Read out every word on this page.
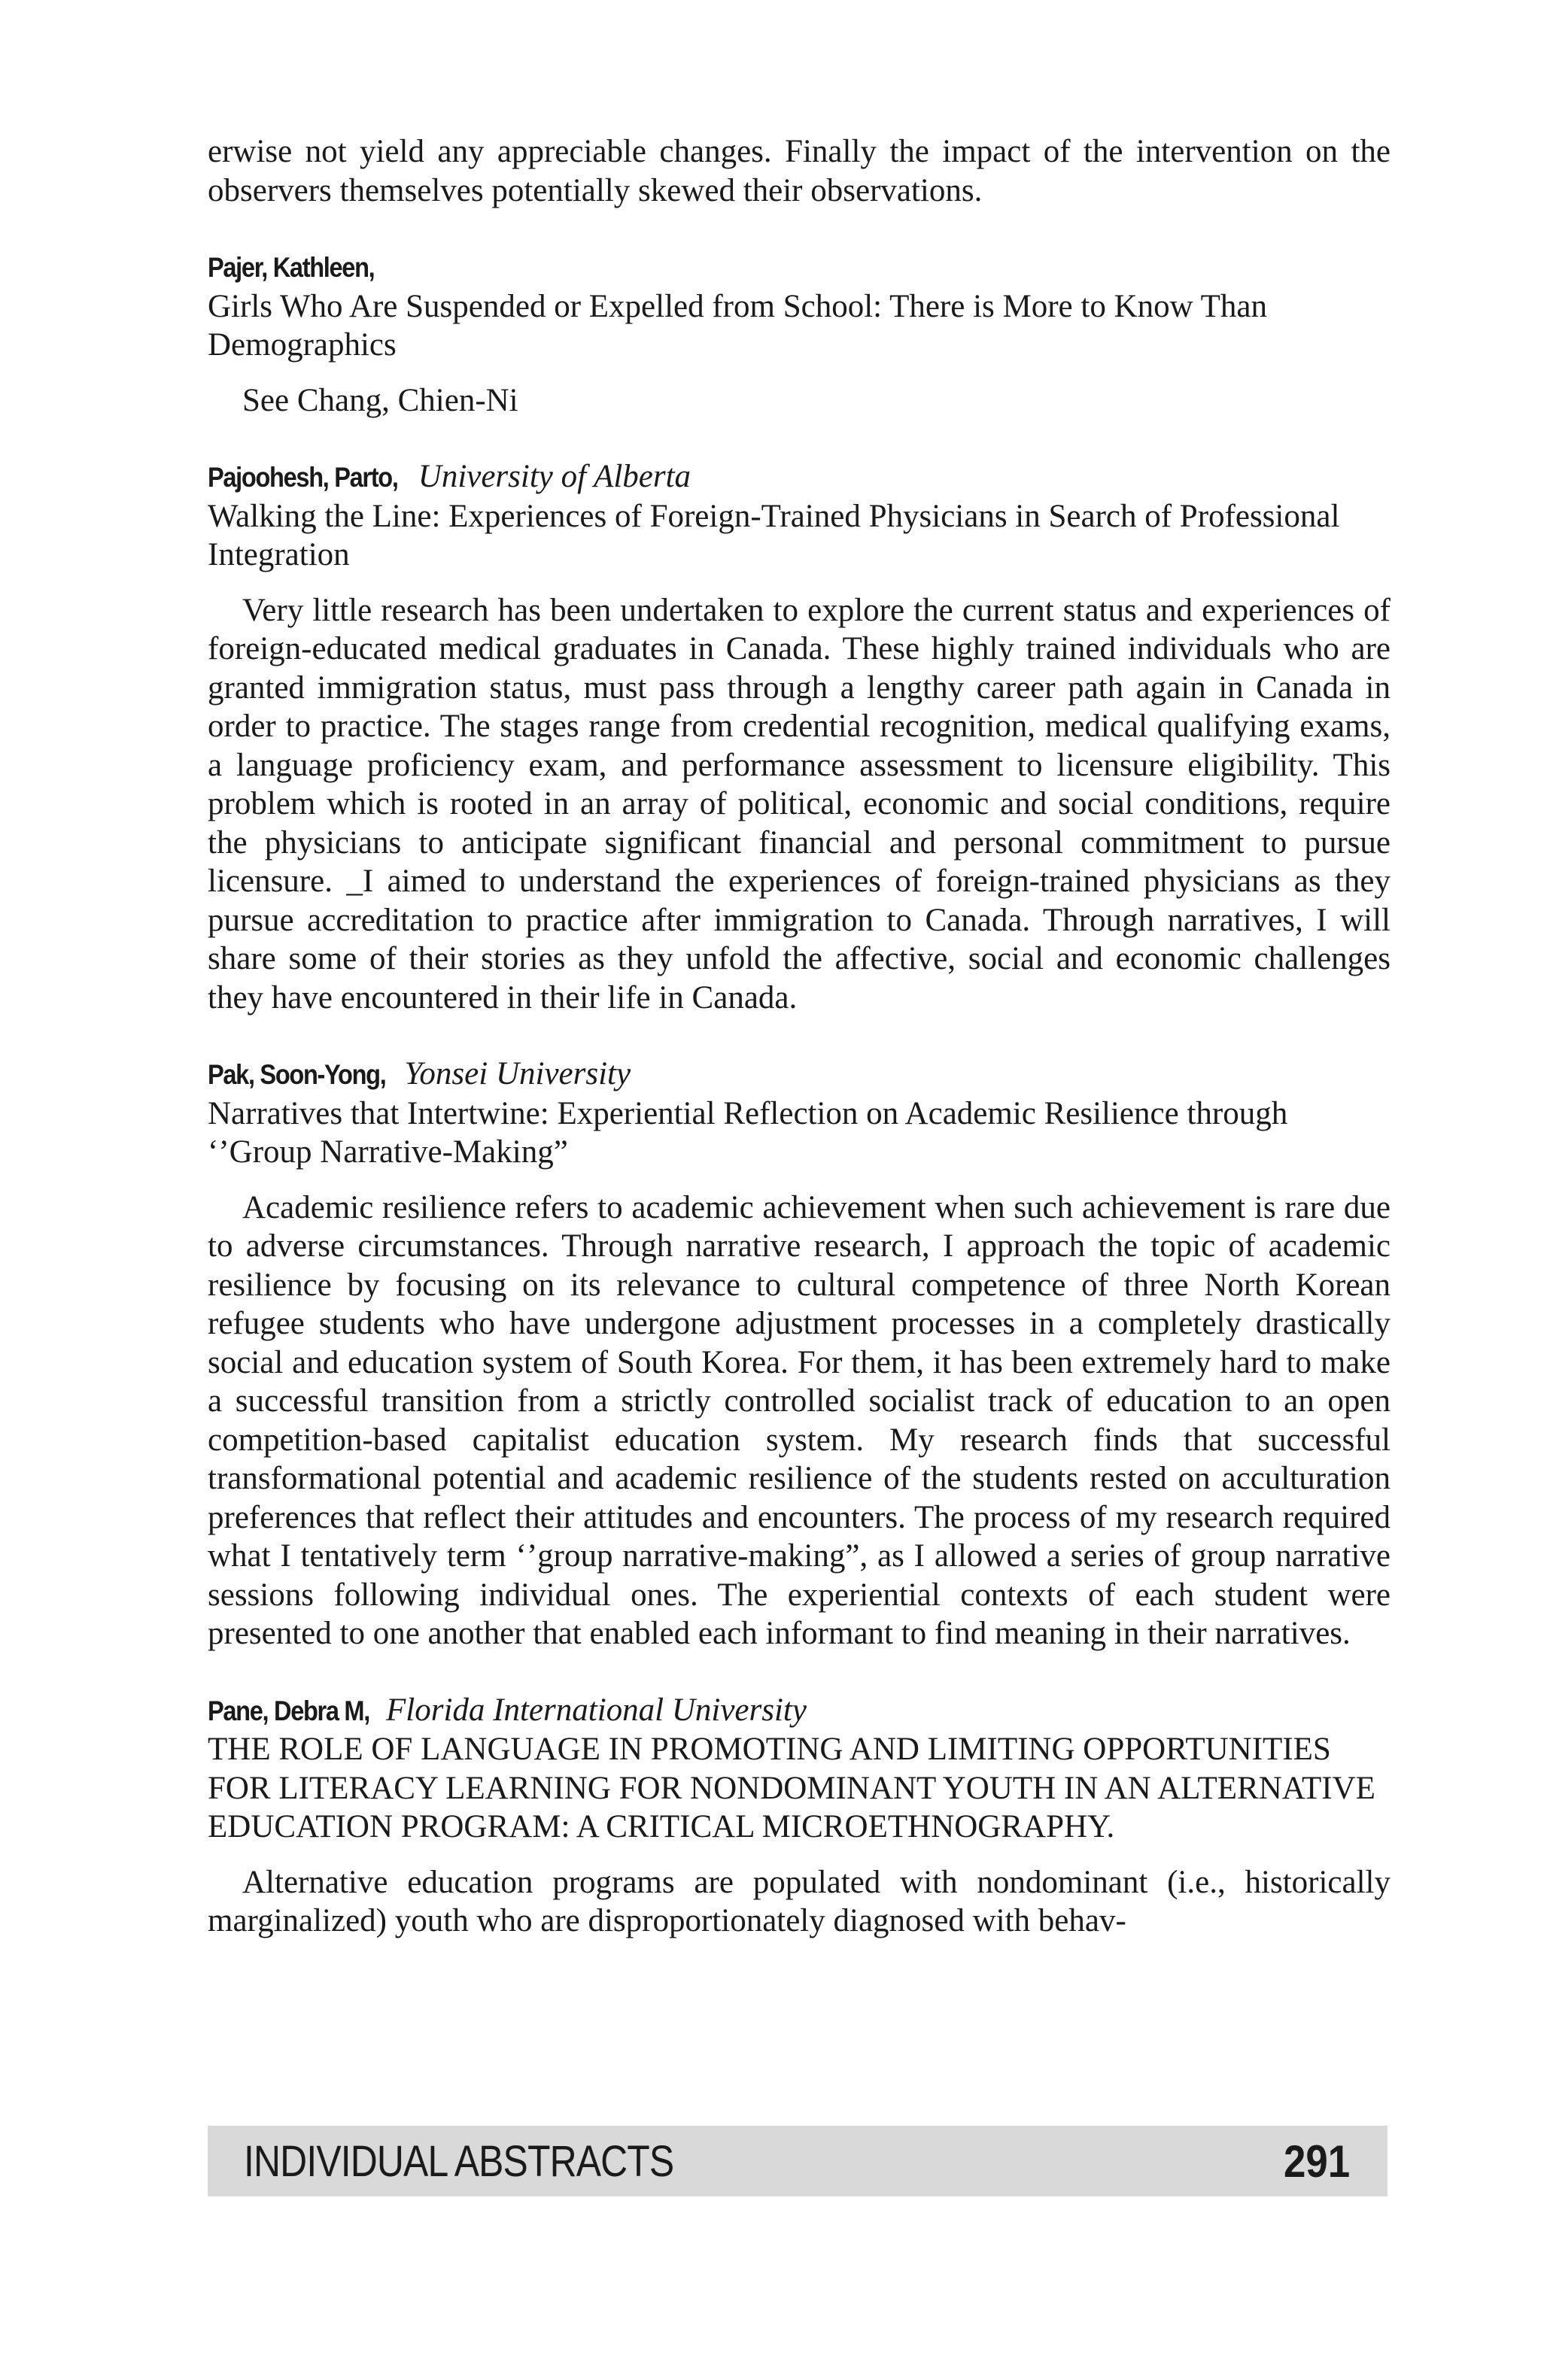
erwise not yield any appreciable changes. Finally the impact of the intervention on the observers themselves potentially skewed their observations.

Pajer, Kathleen,

Girls Who Are Suspended or Expelled from School: There is More to Know Than Demographics

See Chang, Chien-Ni

Pajoohesh, Parto, University of Alberta

Walking the Line: Experiences of Foreign-Trained Physicians in Search of Professional Integration

Very little research has been undertaken to explore the current status and experiences of foreign-educated medical graduates in Canada. These highly trained individuals who are granted immigration status, must pass through a lengthy career path again in Canada in order to practice. The stages range from credential recognition, medical qualifying exams, a language proficiency exam, and performance assessment to licensure eligibility. This problem which is rooted in an array of political, economic and social conditions, require the physicians to anticipate significant financial and personal commitment to pursue licensure. _I aimed to understand the experiences of foreign-trained physicians as they pursue accreditation to practice after immigration to Canada. Through narratives, I will share some of their stories as they unfold the affective, social and economic challenges they have encountered in their life in Canada.

Pak, Soon-Yong, Yonsei University

Narratives that Intertwine: Experiential Reflection on Academic Resilience through ‘’Group Narrative-Making”

Academic resilience refers to academic achievement when such achievement is rare due to adverse circumstances. Through narrative research, I approach the topic of academic resilience by focusing on its relevance to cultural competence of three North Korean refugee students who have undergone adjustment processes in a completely drastically social and education system of South Korea. For them, it has been extremely hard to make a successful transition from a strictly controlled socialist track of education to an open competition-based capitalist education system. My research finds that successful transformational potential and academic resilience of the students rested on acculturation preferences that reflect their attitudes and encounters. The process of my research required what I tentatively term ‘’group narrative-making”, as I allowed a series of group narrative sessions following individual ones. The experiential contexts of each student were presented to one another that enabled each informant to find meaning in their narratives.

Pane, Debra M, Florida International University

THE ROLE OF LANGUAGE IN PROMOTING AND LIMITING OPPORTUNITIES FOR LITERACY LEARNING FOR NONDOMINANT YOUTH IN AN ALTERNATIVE EDUCATION PROGRAM: A CRITICAL MICROETHNOGRAPHY.

Alternative education programs are populated with nondominant (i.e., historically marginalized) youth who are disproportionately diagnosed with behav-

INDIVIDUAL ABSTRACTS	291
